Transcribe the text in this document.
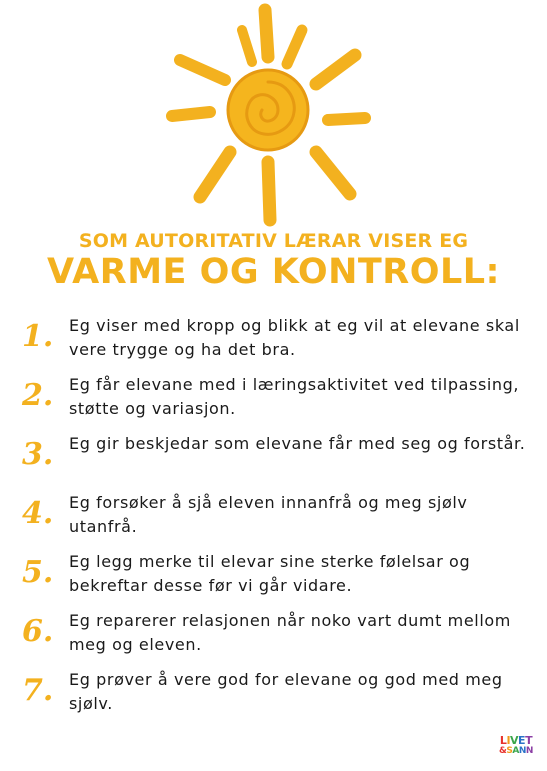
SOM AUTORITATIV LÆRAR VISER EG
VARME OG KONTROLL:
1. Eg viser med kropp og blikk at eg vil at elevane skal vere trygge og ha det bra.
2. Eg får elevane med i læringsaktivitet ved tilpassing, støtte og variasjon.
3. Eg gir beskjedar som elevane får med seg og forstår.
4. Eg forsøker å sjå eleven innanfrå og meg sjølv utanfrå.
5. Eg legg merke til elevar sine sterke følelsar og bekreftar desse før vi går vidare.
6. Eg reparerer relasjonen når noko vart dumt mellom meg og eleven.
7. Eg prøver å vere god for elevane og god med meg sjølv.
LIVET
&SANN
